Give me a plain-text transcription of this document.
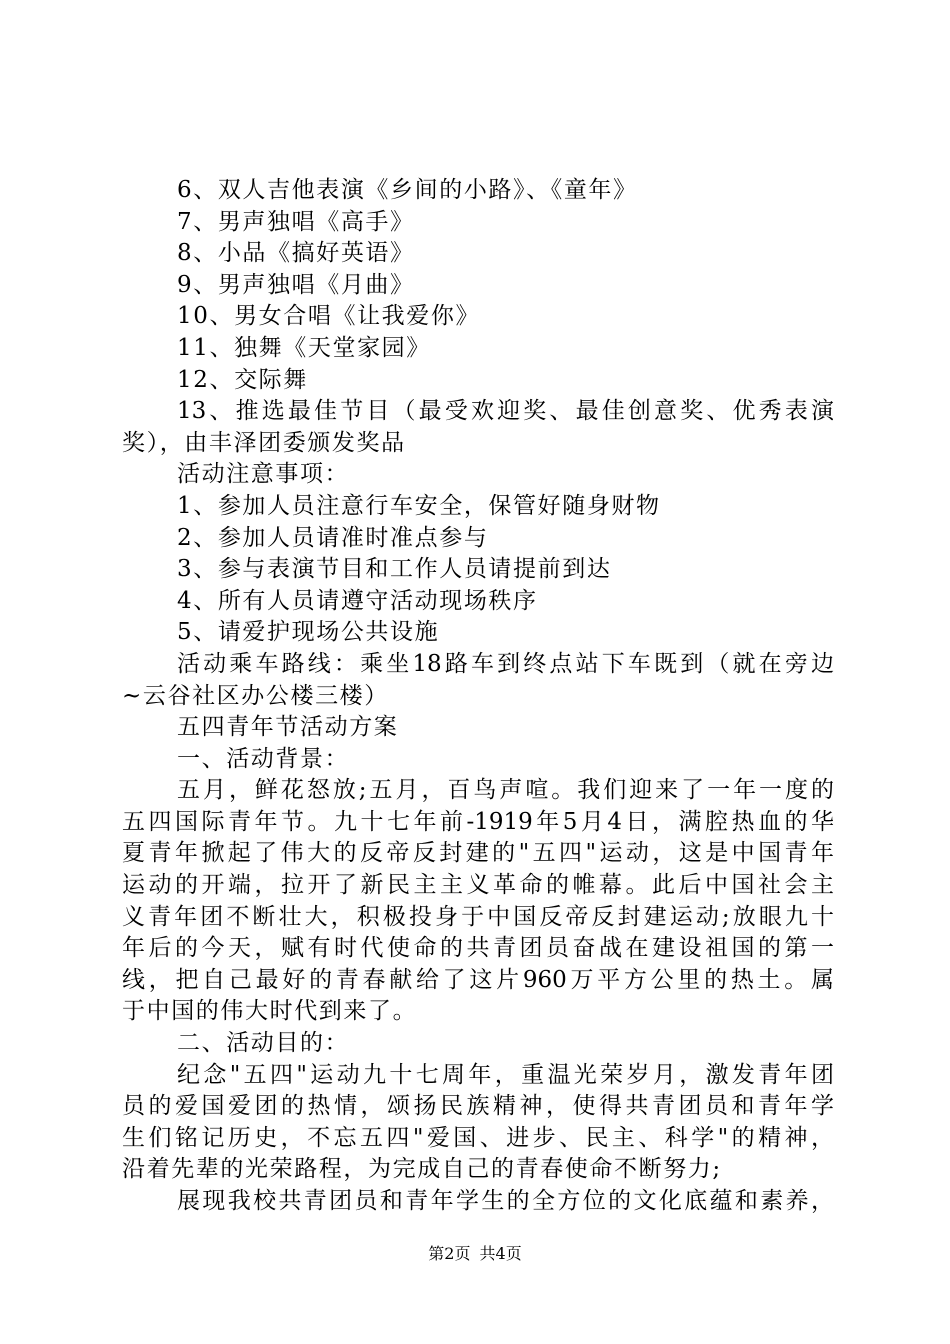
6、双人吉他表演《乡间的小路》、《童年》
7、男声独唱《高手》
8、小品《搞好英语》
9、男声独唱《月曲》
10、男女合唱《让我爱你》
11、独舞《天堂家园》
12、交际舞
13、推选最佳节目（最受欢迎奖、最佳创意奖、优秀表演
奖），由丰泽团委颁发奖品
活动注意事项：
1、参加人员注意行车安全，保管好随身财物
2、参加人员请准时准点参与
3、参与表演节目和工作人员请提前到达
4、所有人员请遵守活动现场秩序
5、请爱护现场公共设施
活动乘车路线：乘坐18路车到终点站下车既到（就在旁边
~云谷社区办公楼三楼）
五四青年节活动方案
一、活动背景：
五月，鲜花怒放;五月，百鸟声喧。我们迎来了一年一度的
五四国际青年节。九十七年前-1919年5月4日，满腔热血的华
夏青年掀起了伟大的反帝反封建的"五四"运动，这是中国青年
运动的开端，拉开了新民主主义革命的帷幕。此后中国社会主
义青年团不断壮大，积极投身于中国反帝反封建运动;放眼九十
年后的今天，赋有时代使命的共青团员奋战在建设祖国的第一
线，把自己最好的青春献给了这片960万平方公里的热土。属
于中国的伟大时代到来了。
二、活动目的：
纪念"五四"运动九十七周年，重温光荣岁月，激发青年团
员的爱国爱团的热情，颂扬民族精神，使得共青团员和青年学
生们铭记历史，不忘五四"爱国、进步、民主、科学"的精神，
沿着先辈的光荣路程，为完成自己的青春使命不断努力;
展现我校共青团员和青年学生的全方位的文化底蕴和素养，
第2页 共4页
